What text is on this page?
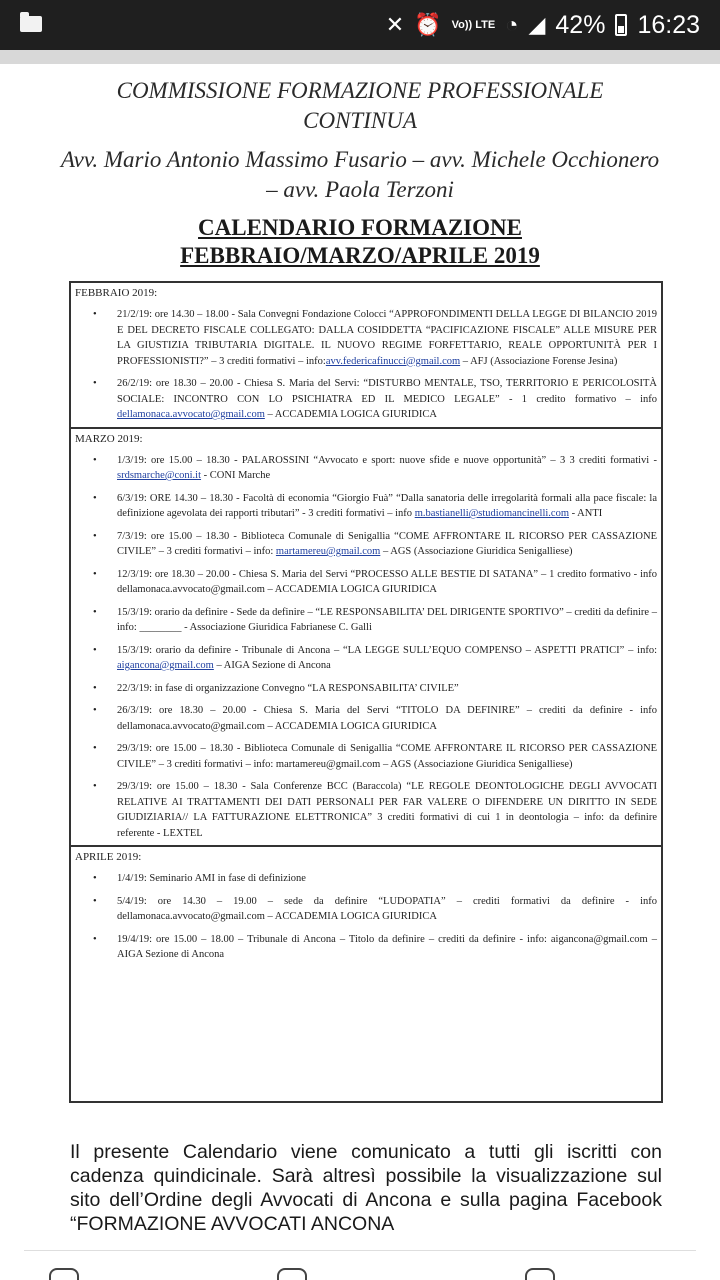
✕ ⏰ Vo)) LTE ◔ ◢ 42% 16:23
COMMISSIONE FORMAZIONE PROFESSIONALE CONTINUA
Avv. Mario Antonio Massimo Fusario – avv. Michele Occhionero – avv. Paola Terzoni
CALENDARIO FORMAZIONE FEBBRAIO/MARZO/APRILE 2019
FEBBRAIO 2019:
•	21/2/19: ore 14.30 – 18.00 - Sala Convegni Fondazione Colocci “APPROFONDIMENTI DELLA LEGGE DI BILANCIO 2019 E DEL DECRETO FISCALE COLLEGATO: DALLA COSIDDETTA “PACIFICAZIONE FISCALE” ALLE MISURE PER LA GIUSTIZIA TRIBUTARIA DIGITALE. IL NUOVO REGIME FORFETTARIO, REALE OPPORTUNITÀ PER I PROFESSIONISTI?” – 3 crediti formativi – info:avv.federicafinucci@gmail.com – AFJ (Associazione Forense Jesina)
•	26/2/19: ore 18.30 – 20.00 - Chiesa S. Maria del Servi: “DISTURBO MENTALE, TSO, TERRITORIO E PERICOLOSITÀ SOCIALE: INCONTRO CON LO PSICHIATRA ED IL MEDICO LEGALE” - 1 credito formativo – info dellamonaca.avvocato@gmail.com – ACCADEMIA LOGICA GIURIDICA
MARZO 2019:
•	1/3/19: ore 15.00 – 18.30 - PALAROSSINI “Avvocato e sport: nuove sfide e nuove opportunità” – 3 3 crediti formativi - srdsmarche@coni.it - CONI Marche
•	6/3/19: ORE 14.30 – 18.30 - Facoltà di economia “Giorgio Fuà” “Dalla sanatoria delle irregolarità formali alla pace fiscale: la definizione agevolata dei rapporti tributari” - 3 crediti formativi – info m.bastianelli@studiomancinelli.com - ANTI
•	7/3/19: ore 15.00 – 18.30 - Biblioteca Comunale di Senigallia “COME AFFRONTARE IL RICORSO PER CASSAZIONE CIVILE” – 3 crediti formativi – info: martamereu@gmail.com – AGS (Associazione Giuridica Senigalliese)
•	12/3/19: ore 18.30 – 20.00 - Chiesa S. Maria del Servi “PROCESSO ALLE BESTIE DI SATANA” – 1 credito formativo - info dellamonaca.avvocato@gmail.com – ACCADEMIA LOGICA GIURIDICA
•	15/3/19: orario da definire - Sede da definire – “LE RESPONSABILITA’ DEL DIRIGENTE SPORTIVO” – crediti da definire – info: ________ - Associazione Giuridica Fabrianese C. Galli
•	15/3/19: orario da definire - Tribunale di Ancona – “LA LEGGE SULL’EQUO COMPENSO – ASPETTI PRATICI” – info: aigancona@gmail.com – AIGA Sezione di Ancona
•	22/3/19: in fase di organizzazione Convegno “LA RESPONSABILITA’ CIVILE”
•	26/3/19: ore 18.30 – 20.00 - Chiesa S. Maria del Servi “TITOLO DA DEFINIRE” – crediti da definire - info dellamonaca.avvocato@gmail.com – ACCADEMIA LOGICA GIURIDICA
•	29/3/19: ore 15.00 – 18.30 - Biblioteca Comunale di Senigallia “COME AFFRONTARE IL RICORSO PER CASSAZIONE CIVILE” – 3 crediti formativi – info: martamereu@gmail.com – AGS (Associazione Giuridica Senigalliese)
•	29/3/19: ore 15.00 – 18.30 - Sala Conferenze BCC (Baraccola) “LE REGOLE DEONTOLOGICHE DEGLI AVVOCATI RELATIVE AI TRATTAMENTI DEI DATI PERSONALI PER FAR VALERE O DIFENDERE UN DIRITTO IN SEDE GIUDIZIARIA// LA FATTURAZIONE ELETTRONICA” 3 crediti formativi di cui 1 in deontologia – info: da definire referente - LEXTEL
APRILE 2019:
•	1/4/19: Seminario AMI in fase di definizione
•	5/4/19: ore 14.30 – 19.00 – sede da definire “LUDOPATIA” – crediti formativi da definire - info dellamonaca.avvocato@gmail.com – ACCADEMIA LOGICA GIURIDICA
•	19/4/19: ore 15.00 – 18.00 – Tribunale di Ancona – Titolo da definire – crediti da definire - info: aigancona@gmail.com – AIGA Sezione di Ancona
Il presente Calendario viene comunicato a tutti gli iscritti con cadenza quindicinale. Sarà altresì possibile la visualizzazione sul sito dell’Ordine degli Avvocati di Ancona e sulla pagina Facebook “FORMAZIONE AVVOCATI ANCONA
